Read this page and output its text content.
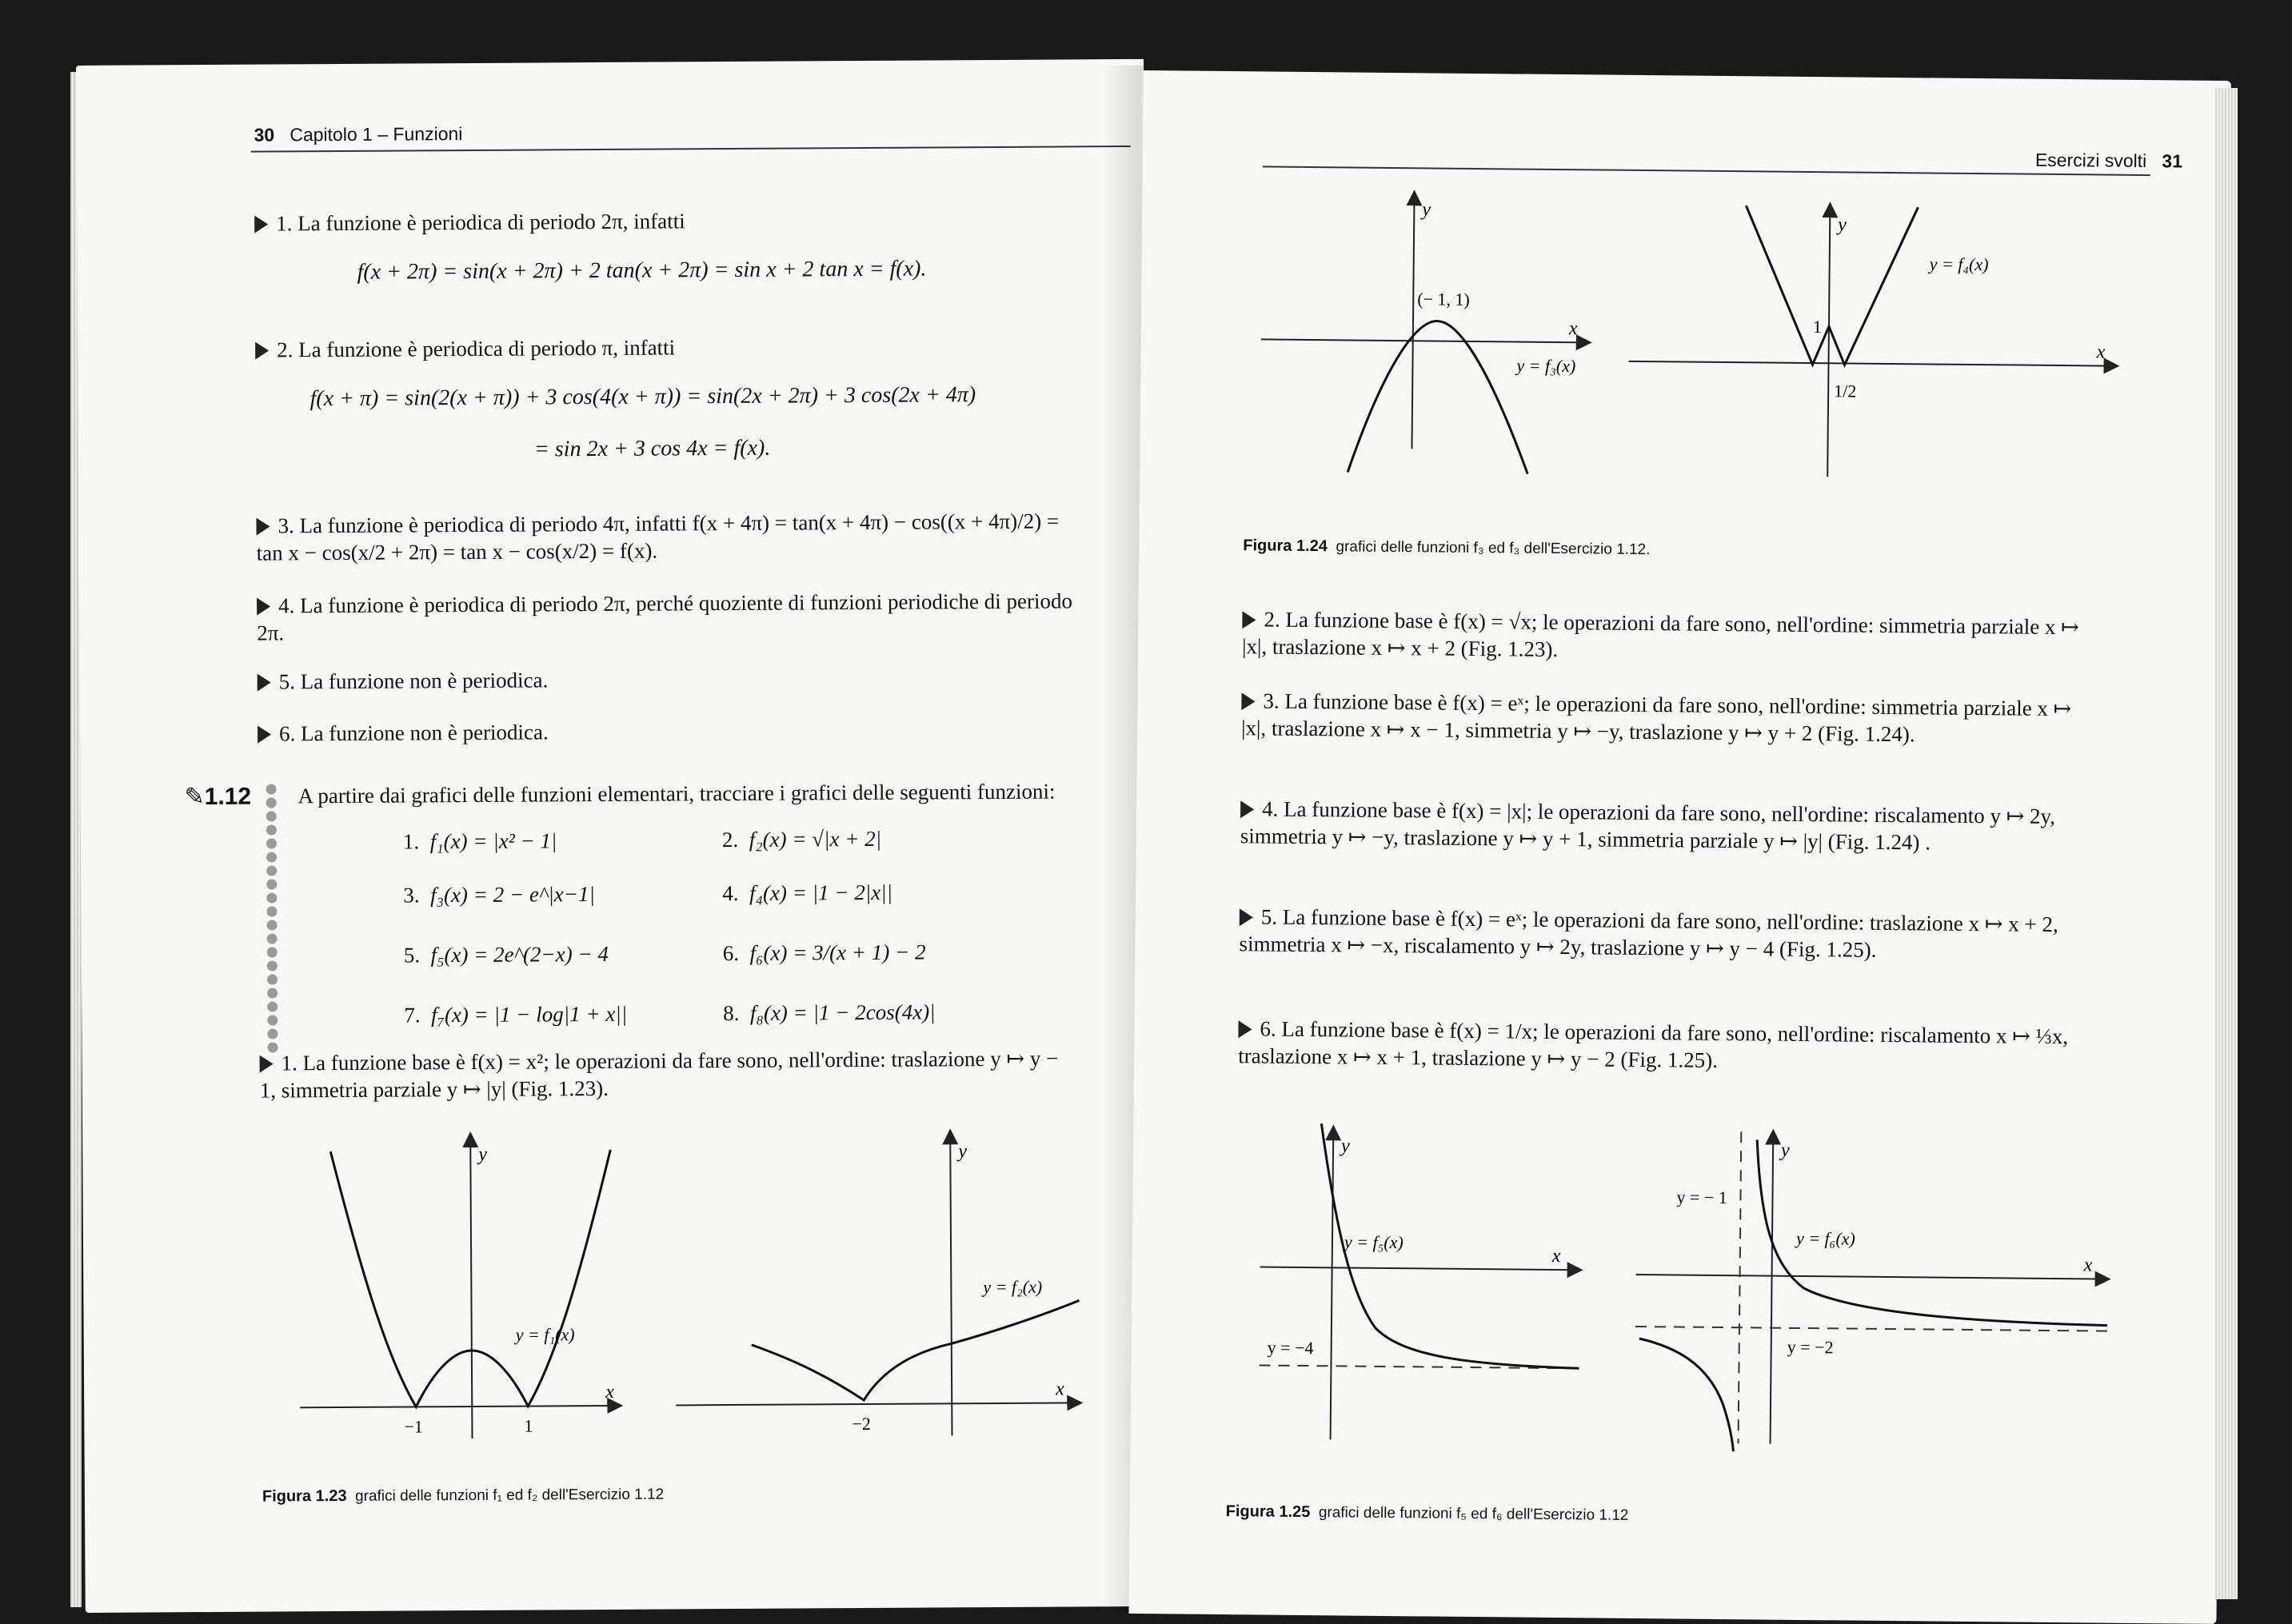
30 Capitolo 1 – Funzioni
1. La funzione è periodica di periodo 2π, infatti
f(x + 2π) = sin(x + 2π) + 2 tan(x + 2π) = sin x + 2 tan x = f(x).
2. La funzione è periodica di periodo π, infatti
f(x + π) = sin(2(x + π)) + 3 cos(4(x + π)) = sin(2x + 2π) + 3 cos(2x + 4π)
= sin 2x + 3 cos 4x = f(x).
3. La funzione è periodica di periodo 4π, infatti f(x + 4π) = tan(x + 4π) − cos((x + 4π)/2) = tan x − cos(x/2 + 2π) = tan x − cos(x/2) = f(x).
4. La funzione è periodica di periodo 2π, perché quoziente di funzioni periodiche di periodo 2π.
5. La funzione non è periodica.
6. La funzione non è periodica.
✎1.12 A partire dai grafici delle funzioni elementari, tracciare i grafici delle seguenti funzioni:
1. f₁(x) = |x² − 1|	2. f₂(x) = √|x + 2|
3. f₃(x) = 2 − e^|x−1|	4. f₄(x) = |1 − 2|x||
5. f₅(x) = 2e^(2−x) − 4	6. f₆(x) = 3/(x + 1) − 2
7. f₇(x) = |1 − log|1 + x||	8. f₈(x) = |1 − 2cos(4x)|
1. La funzione base è f(x) = x²; le operazioni da fare sono, nell'ordine: traslazione y ↦ y − 1, simmetria parziale y ↦ |y| (Fig. 1.23).
y
x
y = f₁(x)
−1	1
y
x
y = f₂(x)
−2
Figura 1.23 grafici delle funzioni f₁ ed f₂ dell'Esercizio 1.12
Esercizi svolti 31
y
x
(− 1, 1)
y = f₃(x)
y
x
y = f₄(x)
1
1/2
Figura 1.24 grafici delle funzioni f₃ ed f₃ dell'Esercizio 1.12.
2. La funzione base è f(x) = √x; le operazioni da fare sono, nell'ordine: simmetria parziale x ↦ |x|, traslazione x ↦ x + 2 (Fig. 1.23).
3. La funzione base è f(x) = eˣ; le operazioni da fare sono, nell'ordine: simmetria parziale x ↦ |x|, traslazione x ↦ x − 1, simmetria y ↦ −y, traslazione y ↦ y + 2 (Fig. 1.24).
4. La funzione base è f(x) = |x|; le operazioni da fare sono, nell'ordine: riscalamento y ↦ 2y, simmetria y ↦ −y, traslazione y ↦ y + 1, simmetria parziale y ↦ |y| (Fig. 1.24) .
5. La funzione base è f(x) = eˣ; le operazioni da fare sono, nell'ordine: traslazione x ↦ x + 2, simmetria x ↦ −x, riscalamento y ↦ 2y, traslazione y ↦ y − 4 (Fig. 1.25).
6. La funzione base è f(x) = 1/x; le operazioni da fare sono, nell'ordine: riscalamento x ↦ ⅓x, traslazione x ↦ x + 1, traslazione y ↦ y − 2 (Fig. 1.25).
y
x
y = f₅(x)
y = −4
y
x
y = f₆(x)
y = −2
y = − 1
Figura 1.25 grafici delle funzioni f₅ ed f₆ dell'Esercizio 1.12
